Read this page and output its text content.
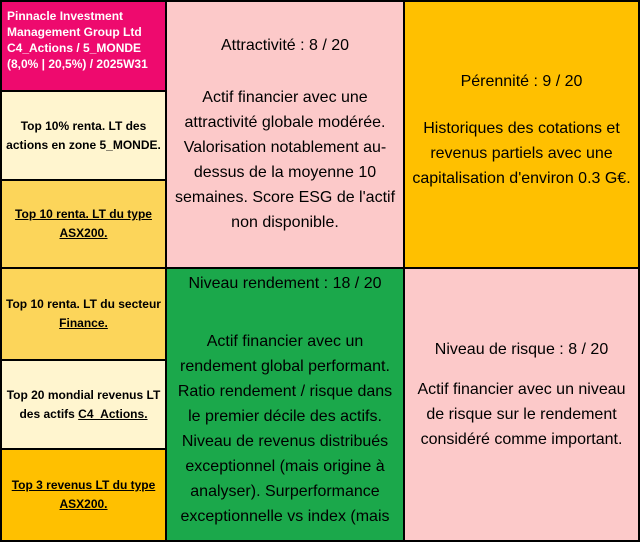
Pinnacle Investment
Management Group Ltd
C4_Actions / 5_MONDE
(8,0% | 20,5%) / 2025W31
Top 10% renta. LT des actions en zone 5_MONDE.
Top 10 renta. LT du type ASX200.
Top 10 renta. LT du secteur Finance.
Top 20 mondial revenus LT des actifs C4_Actions.
Top 3 revenus LT du type ASX200.
Attractivité : 8 / 20
Actif financier avec une attractivité globale modérée. Valorisation notablement au-dessus de la moyenne 10 semaines. Score ESG de l'actif non disponible.
Pérennité : 9 / 20
Historiques des cotations et revenus partiels avec une capitalisation d'environ 0.3 G€.
Niveau rendement : 18 / 20
Actif financier avec un rendement global performant. Ratio rendement / risque dans le premier décile des actifs. Niveau de revenus distribués exceptionnel (mais origine à analyser). Surperformance exceptionnelle vs index (mais
Niveau de risque : 8 / 20
Actif financier avec un niveau de risque sur le rendement considéré comme important.
